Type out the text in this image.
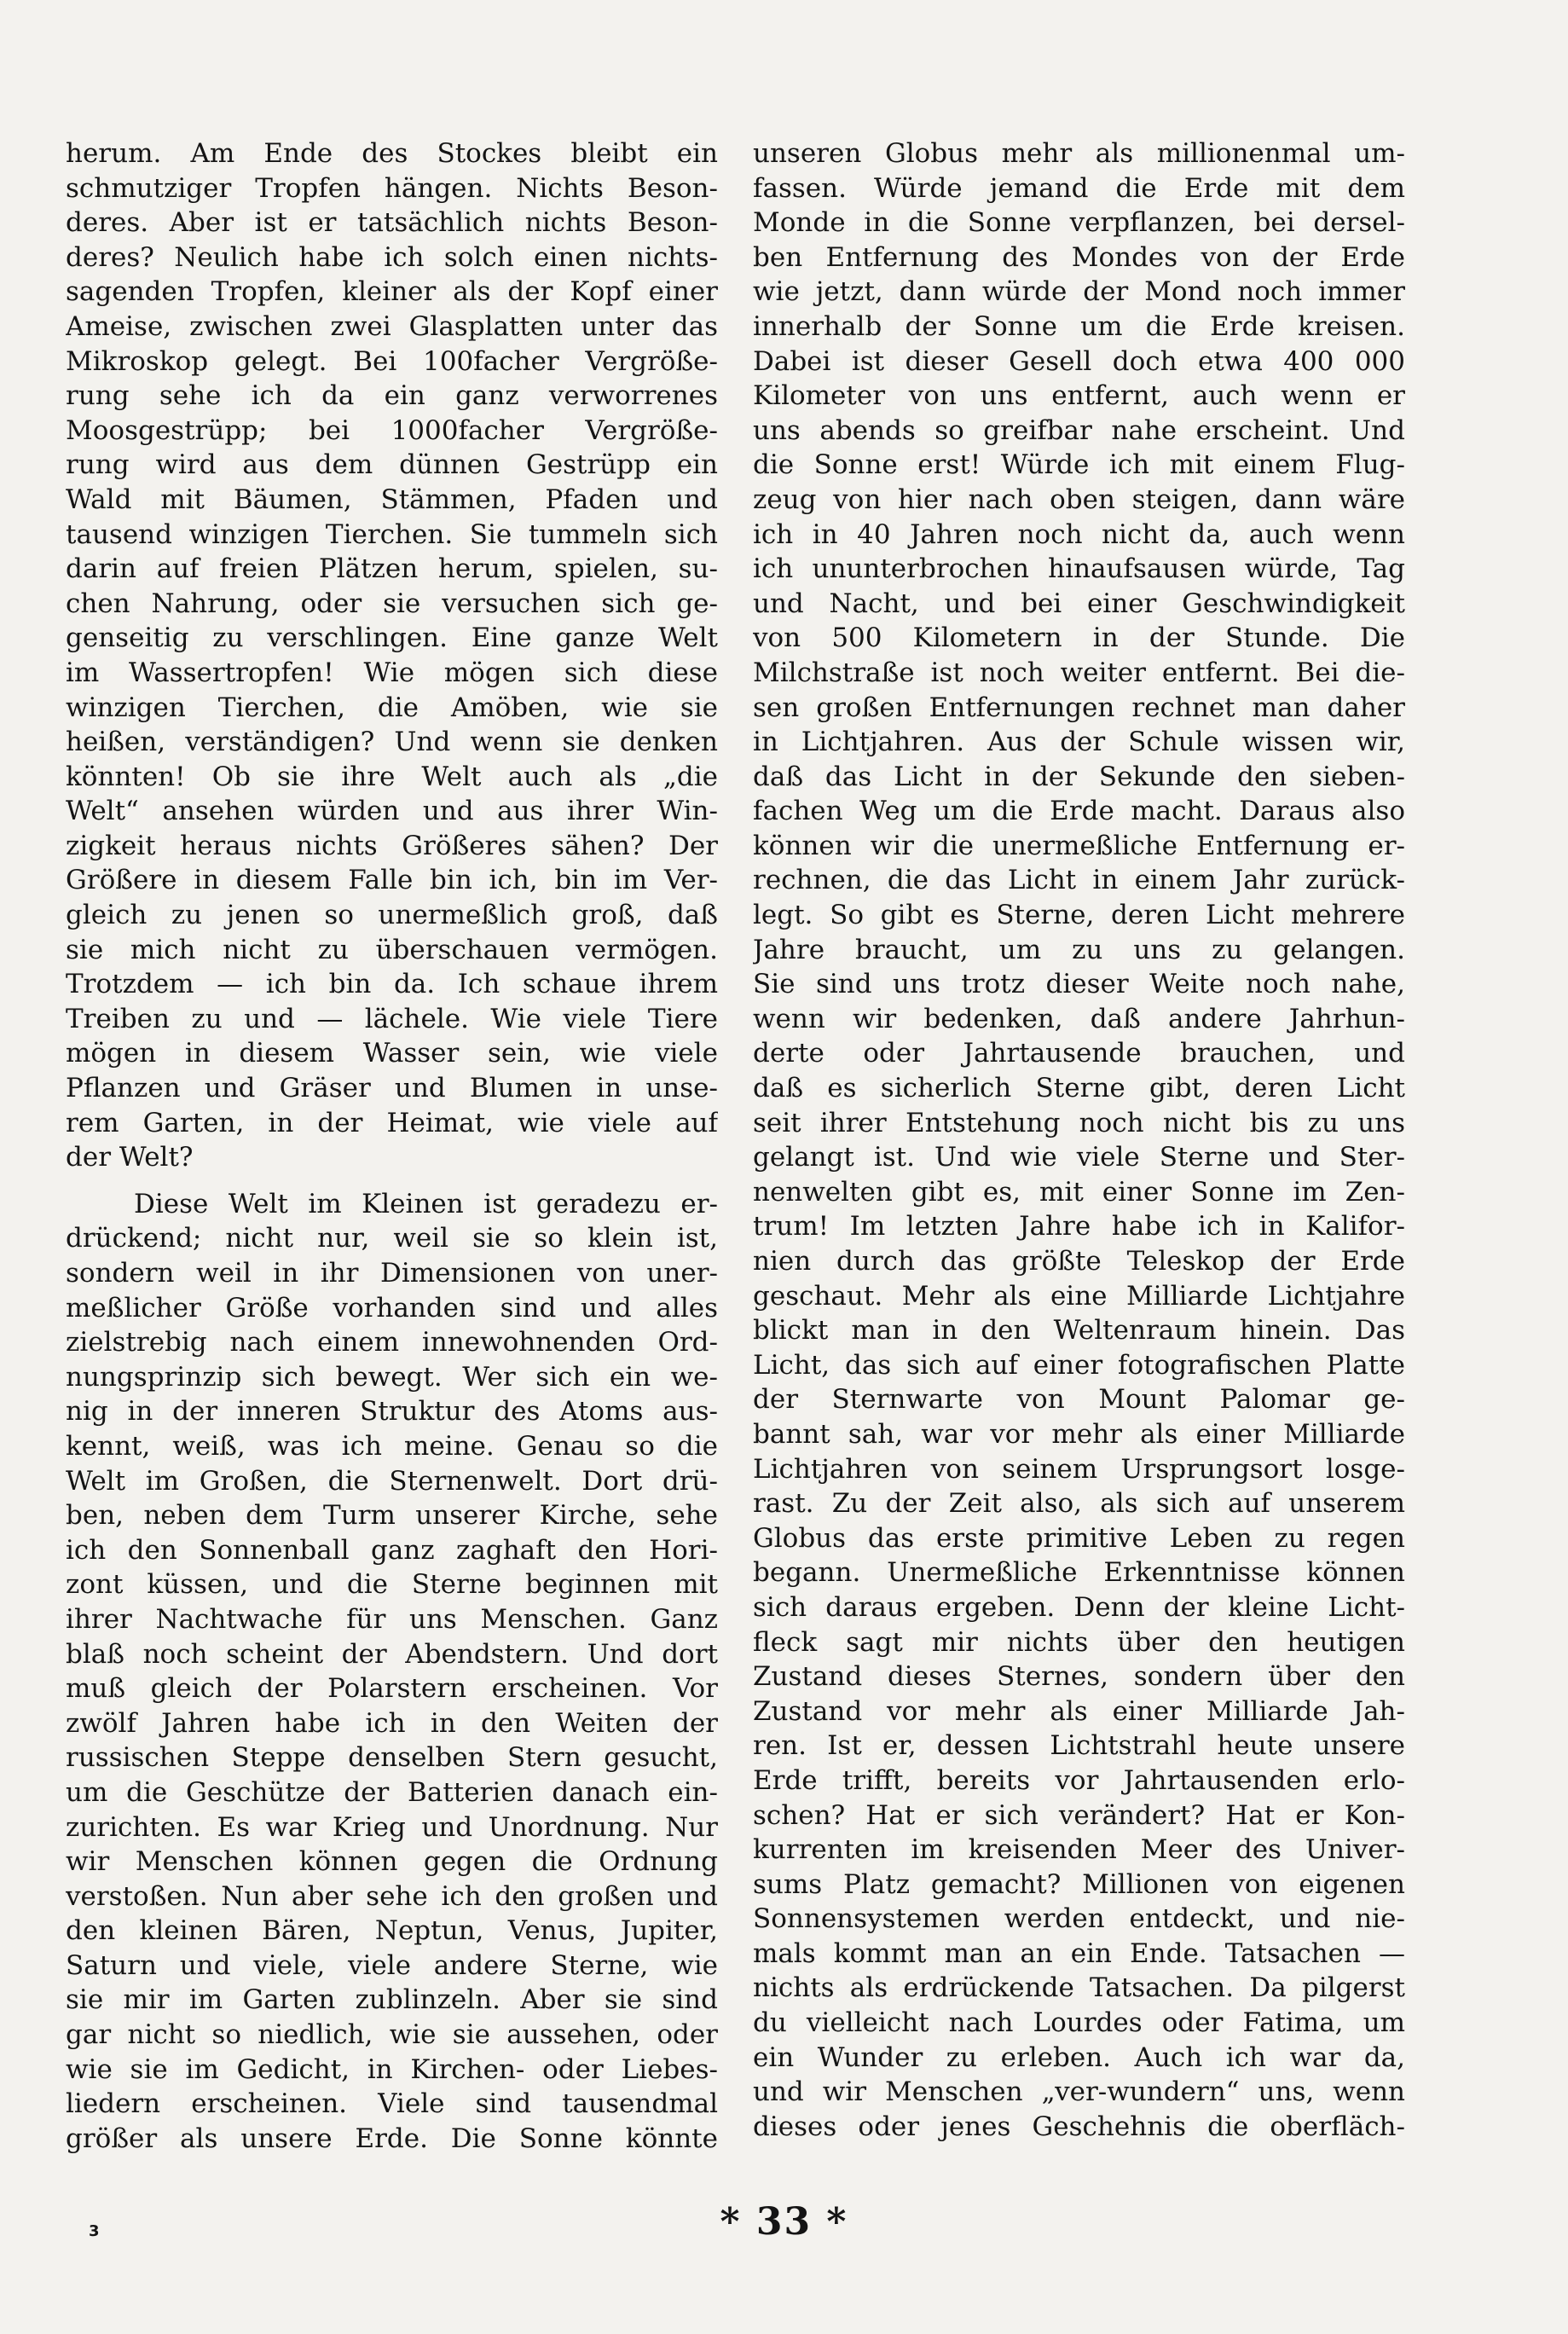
herum. Am Ende des Stockes bleibt ein
schmutziger Tropfen hängen. Nichts Beson-
deres. Aber ist er tatsächlich nichts Beson-
deres? Neulich habe ich solch einen nichts-
sagenden Tropfen, kleiner als der Kopf einer
Ameise, zwischen zwei Glasplatten unter das
Mikroskop gelegt. Bei 100facher Vergröße-
rung sehe ich da ein ganz verworrenes
Moosgestrüpp; bei 1000facher Vergröße-
rung wird aus dem dünnen Gestrüpp ein
Wald mit Bäumen, Stämmen, Pfaden und
tausend winzigen Tierchen. Sie tummeln sich
darin auf freien Plätzen herum, spielen, su-
chen Nahrung, oder sie versuchen sich ge-
genseitig zu verschlingen. Eine ganze Welt
im Wassertropfen! Wie mögen sich diese
winzigen Tierchen, die Amöben, wie sie
heißen, verständigen? Und wenn sie denken
könnten! Ob sie ihre Welt auch als „die
Welt“ ansehen würden und aus ihrer Win-
zigkeit heraus nichts Größeres sähen? Der
Größere in diesem Falle bin ich, bin im Ver-
gleich zu jenen so unermeßlich groß, daß
sie mich nicht zu überschauen vermögen.
Trotzdem — ich bin da. Ich schaue ihrem
Treiben zu und — lächele. Wie viele Tiere
mögen in diesem Wasser sein, wie viele
Pflanzen und Gräser und Blumen in unse-
rem Garten, in der Heimat, wie viele auf
der Welt?
Diese Welt im Kleinen ist geradezu er-
drückend; nicht nur, weil sie so klein ist,
sondern weil in ihr Dimensionen von uner-
meßlicher Größe vorhanden sind und alles
zielstrebig nach einem innewohnenden Ord-
nungsprinzip sich bewegt. Wer sich ein we-
nig in der inneren Struktur des Atoms aus-
kennt, weiß, was ich meine. Genau so die
Welt im Großen, die Sternenwelt. Dort drü-
ben, neben dem Turm unserer Kirche, sehe
ich den Sonnenball ganz zaghaft den Hori-
zont küssen, und die Sterne beginnen mit
ihrer Nachtwache für uns Menschen. Ganz
blaß noch scheint der Abendstern. Und dort
muß gleich der Polarstern erscheinen. Vor
zwölf Jahren habe ich in den Weiten der
russischen Steppe denselben Stern gesucht,
um die Geschütze der Batterien danach ein-
zurichten. Es war Krieg und Unordnung. Nur
wir Menschen können gegen die Ordnung
verstoßen. Nun aber sehe ich den großen und
den kleinen Bären, Neptun, Venus, Jupiter,
Saturn und viele, viele andere Sterne, wie
sie mir im Garten zublinzeln. Aber sie sind
gar nicht so niedlich, wie sie aussehen, oder
wie sie im Gedicht, in Kirchen- oder Liebes-
liedern erscheinen. Viele sind tausendmal
größer als unsere Erde. Die Sonne könnte
unseren Globus mehr als millionenmal um-
fassen. Würde jemand die Erde mit dem
Monde in die Sonne verpflanzen, bei dersel-
ben Entfernung des Mondes von der Erde
wie jetzt, dann würde der Mond noch immer
innerhalb der Sonne um die Erde kreisen.
Dabei ist dieser Gesell doch etwa 400 000
Kilometer von uns entfernt, auch wenn er
uns abends so greifbar nahe erscheint. Und
die Sonne erst! Würde ich mit einem Flug-
zeug von hier nach oben steigen, dann wäre
ich in 40 Jahren noch nicht da, auch wenn
ich ununterbrochen hinaufsausen würde, Tag
und Nacht, und bei einer Geschwindigkeit
von 500 Kilometern in der Stunde. Die
Milchstraße ist noch weiter entfernt. Bei die-
sen großen Entfernungen rechnet man daher
in Lichtjahren. Aus der Schule wissen wir,
daß das Licht in der Sekunde den sieben-
fachen Weg um die Erde macht. Daraus also
können wir die unermeßliche Entfernung er-
rechnen, die das Licht in einem Jahr zurück-
legt. So gibt es Sterne, deren Licht mehrere
Jahre braucht, um zu uns zu gelangen.
Sie sind uns trotz dieser Weite noch nahe,
wenn wir bedenken, daß andere Jahrhun-
derte oder Jahrtausende brauchen, und
daß es sicherlich Sterne gibt, deren Licht
seit ihrer Entstehung noch nicht bis zu uns
gelangt ist. Und wie viele Sterne und Ster-
nenwelten gibt es, mit einer Sonne im Zen-
trum! Im letzten Jahre habe ich in Kalifor-
nien durch das größte Teleskop der Erde
geschaut. Mehr als eine Milliarde Lichtjahre
blickt man in den Weltenraum hinein. Das
Licht, das sich auf einer fotografischen Platte
der Sternwarte von Mount Palomar ge-
bannt sah, war vor mehr als einer Milliarde
Lichtjahren von seinem Ursprungsort losge-
rast. Zu der Zeit also, als sich auf unserem
Globus das erste primitive Leben zu regen
begann. Unermeßliche Erkenntnisse können
sich daraus ergeben. Denn der kleine Licht-
fleck sagt mir nichts über den heutigen
Zustand dieses Sternes, sondern über den
Zustand vor mehr als einer Milliarde Jah-
ren. Ist er, dessen Lichtstrahl heute unsere
Erde trifft, bereits vor Jahrtausenden erlo-
schen? Hat er sich verändert? Hat er Kon-
kurrenten im kreisenden Meer des Univer-
sums Platz gemacht? Millionen von eigenen
Sonnensystemen werden entdeckt, und nie-
mals kommt man an ein Ende. Tatsachen —
nichts als erdrückende Tatsachen. Da pilgerst
du vielleicht nach Lourdes oder Fatima, um
ein Wunder zu erleben. Auch ich war da,
und wir Menschen „ver-wundern“ uns, wenn
dieses oder jenes Geschehnis die oberfläch-
3	* 33 *
